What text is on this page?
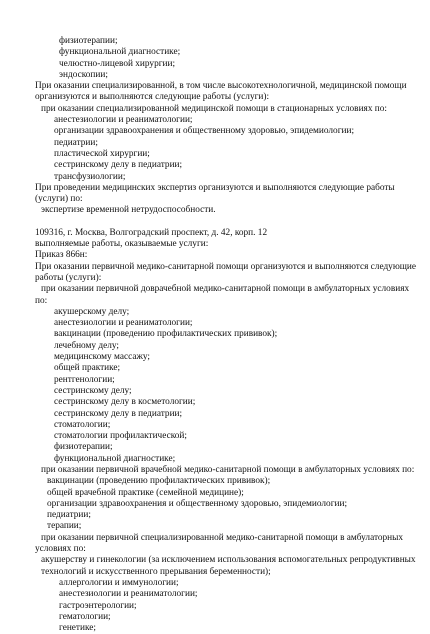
физиотерапии;
функциональной диагностике;
челюстно-лицевой хирургии;
эндоскопии;
При оказании специализированной, в том числе высокотехнологичной, медицинской помощи
организуются и выполняются следующие работы (услуги):
при оказании специализированной медицинской помощи в стационарных условиях по:
анестезиологии и реаниматологии;
организации здравоохранения и общественному здоровью, эпидемиологии;
педиатрии;
пластической хирургии;
сестринскому делу в педиатрии;
трансфузиологии;
При проведении медицинских экспертиз организуются и выполняются следующие работы
(услуги) по:
экспертизе временной нетрудоспособности.
109316, г. Москва, Волгоградский проспект, д. 42, корп. 12
выполняемые работы, оказываемые услуги:
Приказ 866н:
При оказании первичной медико-санитарной помощи организуются и выполняются следующие
работы (услуги):
при оказании первичной доврачебной медико-санитарной помощи в амбулаторных условиях
по:
акушерскому делу;
анестезиологии и реаниматологии;
вакцинации (проведению профилактических прививок);
лечебному делу;
медицинскому массажу;
общей практике;
рентгенологии;
сестринскому делу;
сестринскому делу в косметологии;
сестринскому делу в педиатрии;
стоматологии;
стоматологии профилактической;
физиотерапии;
функциональной диагностике;
при оказании первичной врачебной медико-санитарной помощи в амбулаторных условиях по:
вакцинации (проведению профилактических прививок);
общей врачебной практике (семейной медицине);
организации здравоохранения и общественному здоровью, эпидемиологии;
педиатрии;
терапии;
при оказании первичной специализированной медико-санитарной помощи в амбулаторных
условиях по:
акушерству и гинекологии (за исключением использования вспомогательных репродуктивных
технологий и искусственного прерывания беременности);
аллергологии и иммунологии;
анестезиологии и реаниматологии;
гастроэнтерологии;
гематологии;
генетике;
